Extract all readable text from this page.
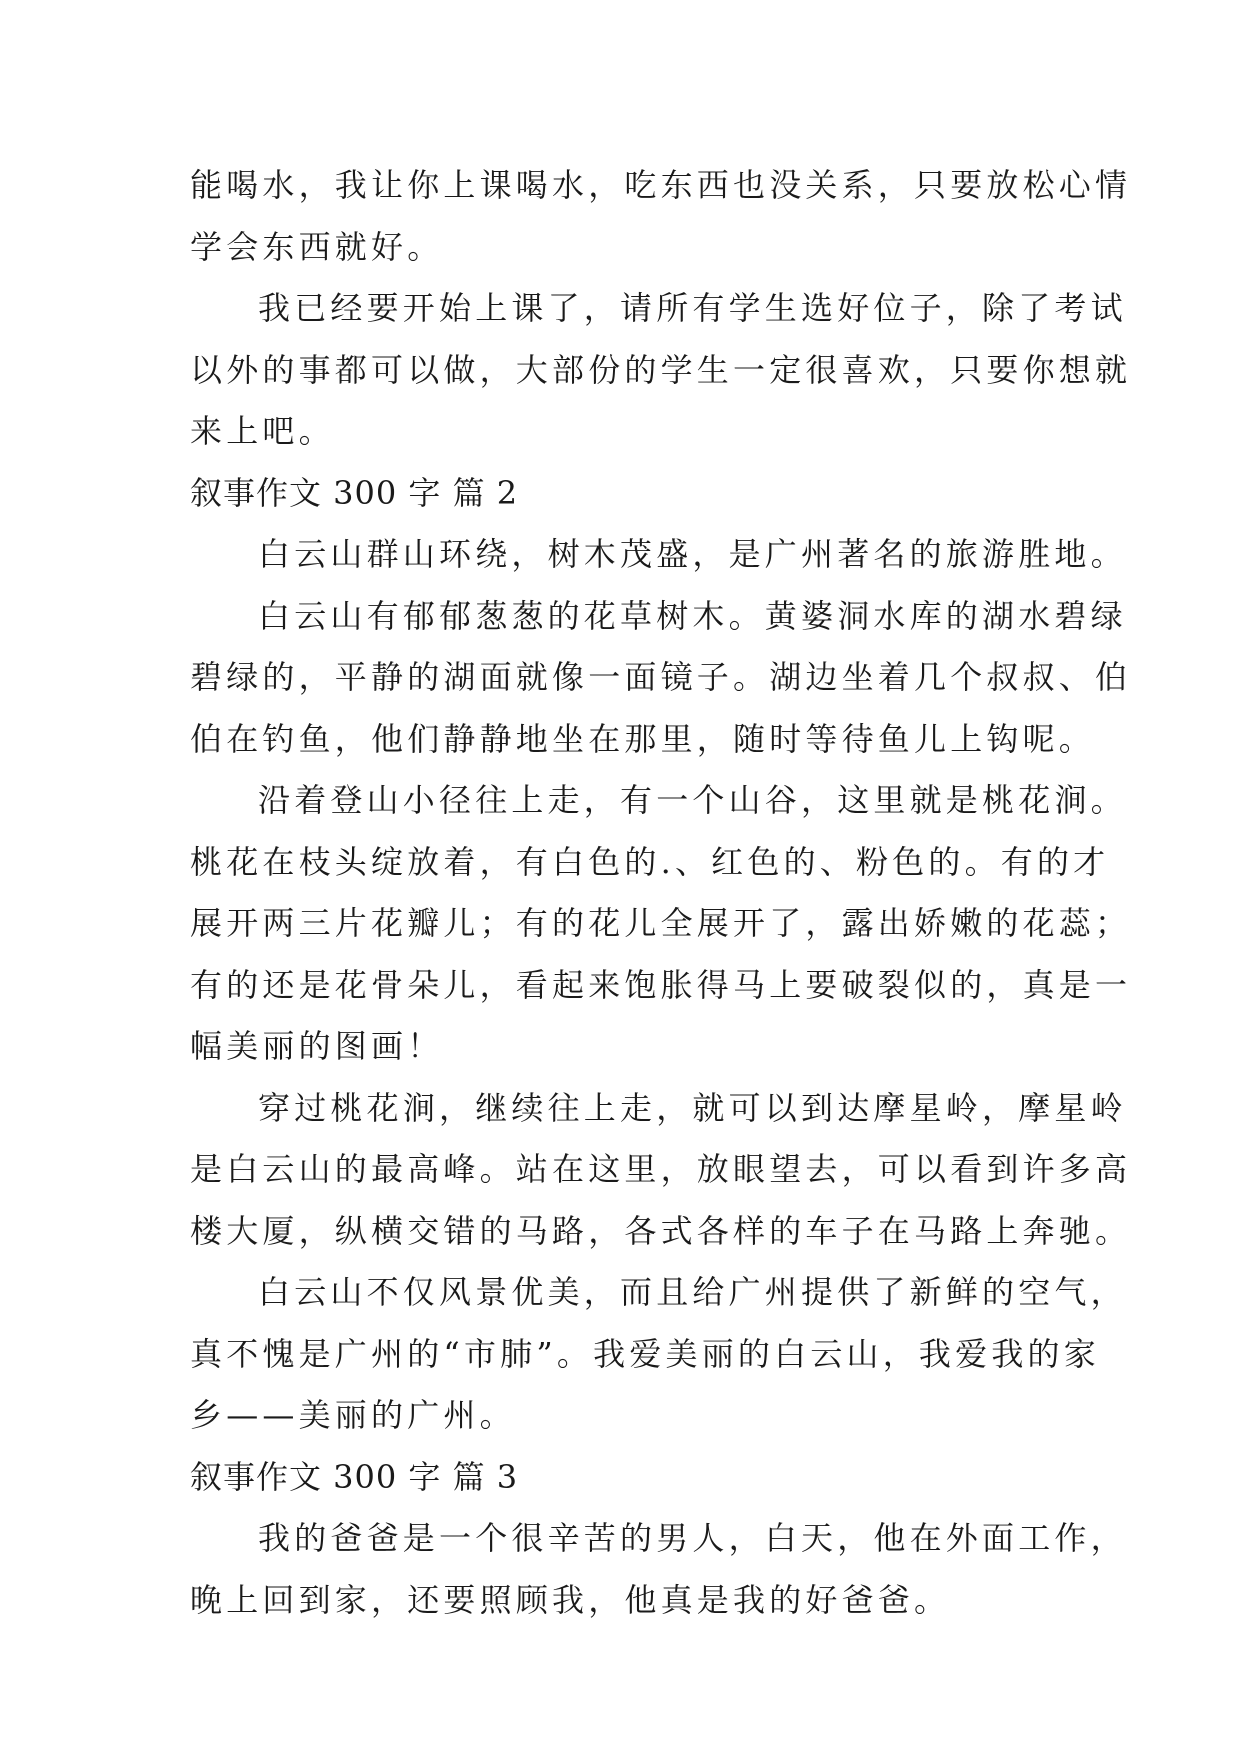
能喝水，我让你上课喝水，吃东西也没关系，只要放松心情
学会东西就好。
我已经要开始上课了，请所有学生选好位子，除了考试
以外的事都可以做，大部份的学生一定很喜欢，只要你想就
来上吧。
叙事作文 300 字 篇 2
白云山群山环绕，树木茂盛，是广州著名的旅游胜地。
白云山有郁郁葱葱的花草树木。黄婆洞水库的湖水碧绿
碧绿的，平静的湖面就像一面镜子。湖边坐着几个叔叔、伯
伯在钓鱼，他们静静地坐在那里，随时等待鱼儿上钩呢。
沿着登山小径往上走，有一个山谷，这里就是桃花涧。
桃花在枝头绽放着，有白色的.、红色的、粉色的。有的才
展开两三片花瓣儿；有的花儿全展开了，露出娇嫩的花蕊；
有的还是花骨朵儿，看起来饱胀得马上要破裂似的，真是一
幅美丽的图画！
穿过桃花涧，继续往上走，就可以到达摩星岭，摩星岭
是白云山的最高峰。站在这里，放眼望去，可以看到许多高
楼大厦，纵横交错的马路，各式各样的车子在马路上奔驰。
白云山不仅风景优美，而且给广州提供了新鲜的空气，
真不愧是广州的“市肺”。我爱美丽的白云山，我爱我的家
乡——美丽的广州。
叙事作文 300 字 篇 3
我的爸爸是一个很辛苦的男人，白天，他在外面工作，
晚上回到家，还要照顾我，他真是我的好爸爸。
